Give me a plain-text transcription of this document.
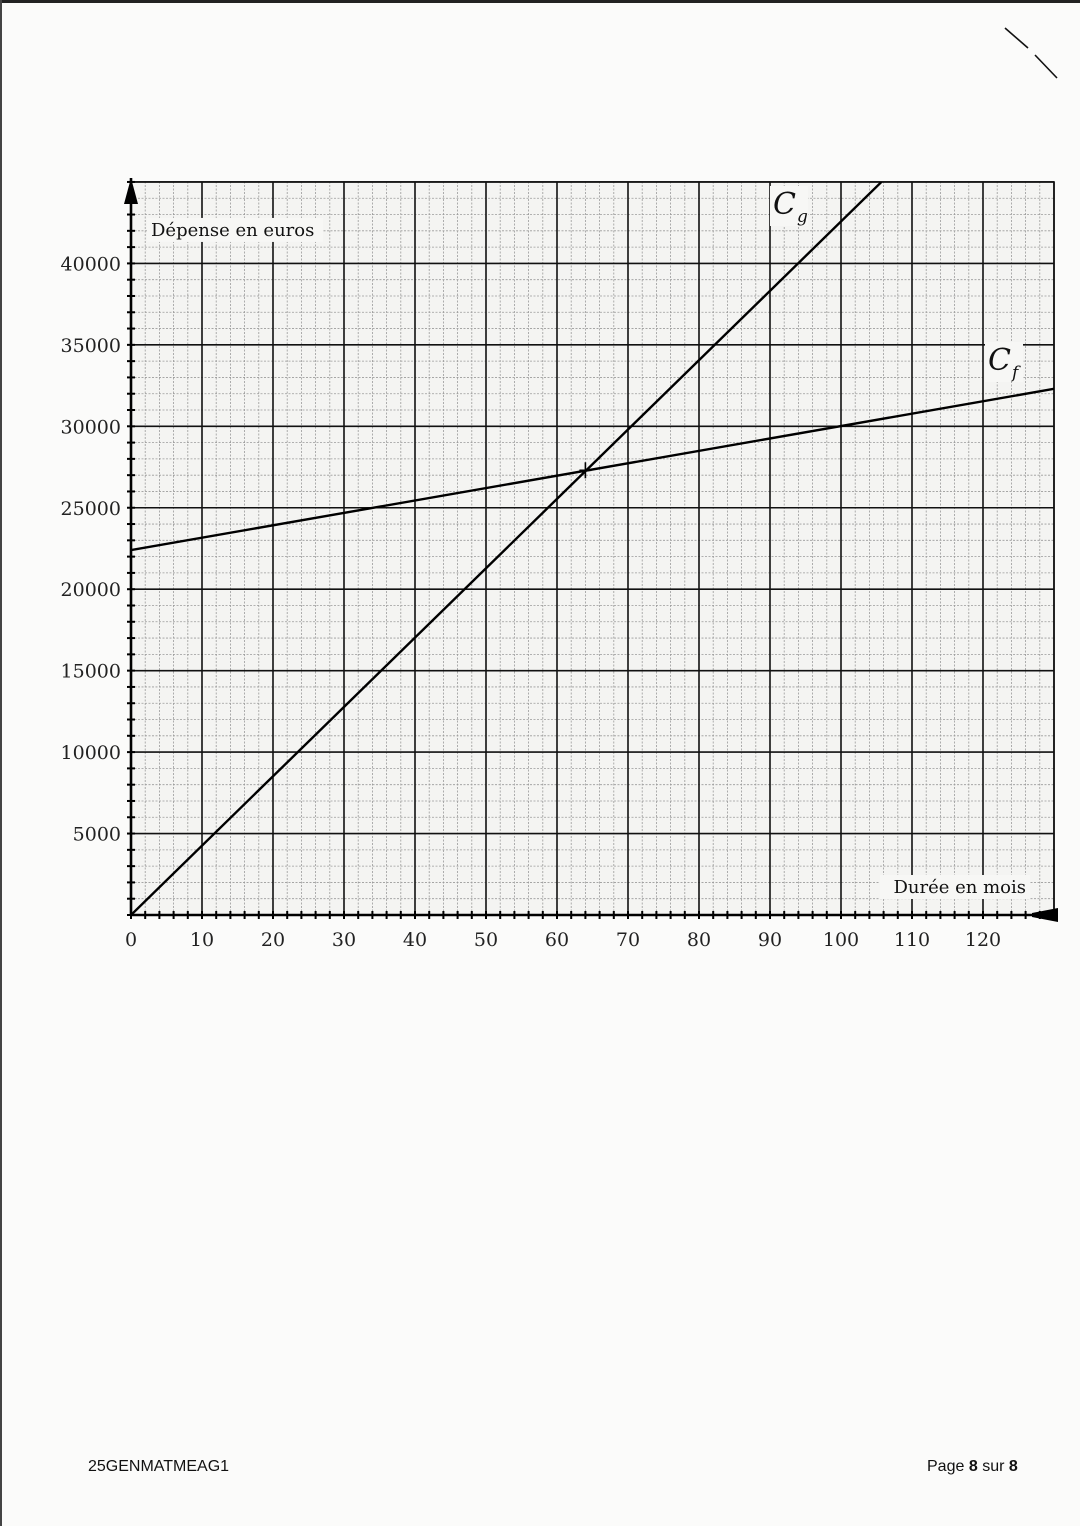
0	10 20 30 40 50 60 70 80 90 100 110 120
5000
10000
15000
20000
25000
30000
35000
40000
Dépense en euros
Durée en mois
$C_f$
$C_g$
25GENMATMEAG1	Page 8 sur 8
